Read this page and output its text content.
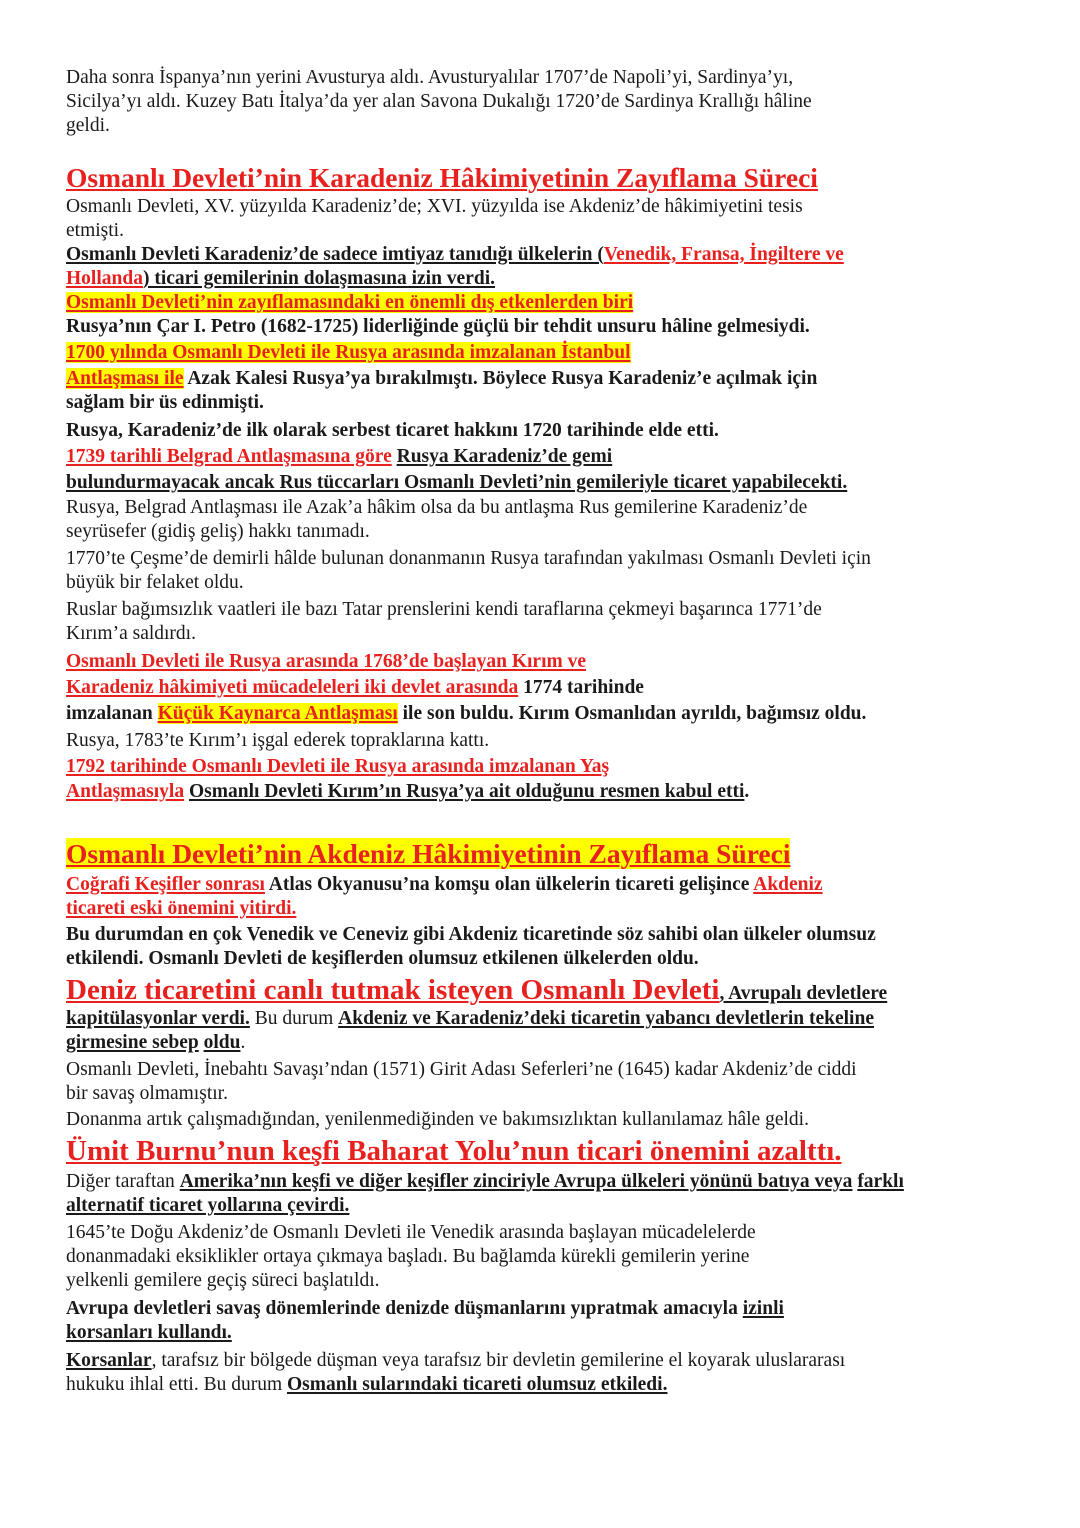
Daha sonra İspanya’nın yerini Avusturya aldı. Avusturyalılar 1707’de Napoli’yi, Sardinya’yı,
Sicilya’yı aldı. Kuzey Batı İtalya’da yer alan Savona Dukalığı 1720’de Sardinya Krallığı hâline
geldi.
Osmanlı Devleti’nin Karadeniz Hâkimiyetinin Zayıflama Süreci
Osmanlı Devleti, XV. yüzyılda Karadeniz’de; XVI. yüzyılda ise Akdeniz’de hâkimiyetini tesis
etmişti.
Osmanlı Devleti Karadeniz’de sadece imtiyaz tanıdığı ülkelerin (Venedik, Fransa, İngiltere ve
Hollanda) ticari gemilerinin dolaşmasına izin verdi.
Osmanlı Devleti’nin zayıflamasındaki en önemli dış etkenlerden biri
Rusya’nın Çar I. Petro (1682-1725) liderliğinde güçlü bir tehdit unsuru hâline gelmesiydi.
1700 yılında Osmanlı Devleti ile Rusya arasında imzalanan İstanbul
Antlaşması ile Azak Kalesi Rusya’ya bırakılmıştı. Böylece Rusya Karadeniz’e açılmak için
sağlam bir üs edinmişti.
Rusya, Karadeniz’de ilk olarak serbest ticaret hakkını 1720 tarihinde elde etti.
1739 tarihli Belgrad Antlaşmasına göre Rusya Karadeniz’de gemi
bulundurmayacak ancak Rus tüccarları Osmanlı Devleti’nin gemileriyle ticaret yapabilecekti.
Rusya, Belgrad Antlaşması ile Azak’a hâkim olsa da bu antlaşma Rus gemilerine Karadeniz’de
seyrüsefer (gidiş geliş) hakkı tanımadı.
1770’te Çeşme’de demirli hâlde bulunan donanmanın Rusya tarafından yakılması Osmanlı Devleti için
büyük bir felaket oldu.
Ruslar bağımsızlık vaatleri ile bazı Tatar prenslerini kendi taraflarına çekmeyi başarınca 1771’de
Kırım’a saldırdı.
Osmanlı Devleti ile Rusya arasında 1768’de başlayan Kırım ve
Karadeniz hâkimiyeti mücadeleleri iki devlet arasında 1774 tarihinde
imzalanan Küçük Kaynarca Antlaşması ile son buldu. Kırım Osmanlıdan ayrıldı, bağımsız oldu.
Rusya, 1783’te Kırım’ı işgal ederek topraklarına kattı.
1792 tarihinde Osmanlı Devleti ile Rusya arasında imzalanan Yaş
Antlaşmasıyla Osmanlı Devleti Kırım’ın Rusya’ya ait olduğunu resmen kabul etti.
Osmanlı Devleti’nin Akdeniz Hâkimiyetinin Zayıflama Süreci
Coğrafi Keşifler sonrası Atlas Okyanusu’na komşu olan ülkelerin ticareti gelişince Akdeniz
ticareti eski önemini yitirdi.
Bu durumdan en çok Venedik ve Ceneviz gibi Akdeniz ticaretinde söz sahibi olan ülkeler olumsuz
etkilendi. Osmanlı Devleti de keşiflerden olumsuz etkilenen ülkelerden oldu.
Deniz ticaretini canlı tutmak isteyen Osmanlı Devleti, Avrupalı devletlere
kapitülasyonlar verdi. Bu durum Akdeniz ve Karadeniz’deki ticaretin yabancı devletlerin tekeline
girmesine sebep oldu.
Osmanlı Devleti, İnebahtı Savaşı’ndan (1571) Girit Adası Seferleri’ne (1645) kadar Akdeniz’de ciddi
bir savaş olmamıştır.
Donanma artık çalışmadığından, yenilenmediğinden ve bakımsızlıktan kullanılamaz hâle geldi.
Ümit Burnu’nun keşfi Baharat Yolu’nun ticari önemini azalttı.
Diğer taraftan Amerika’nın keşfi ve diğer keşifler zinciriyle Avrupa ülkeleri yönünü batıya veya farklı
alternatif ticaret yollarına çevirdi.
1645’te Doğu Akdeniz’de Osmanlı Devleti ile Venedik arasında başlayan mücadelelerde
donanmadaki eksiklikler ortaya çıkmaya başladı. Bu bağlamda kürekli gemilerin yerine
yelkenli gemilere geçiş süreci başlatıldı.
Avrupa devletleri savaş dönemlerinde denizde düşmanlarını yıpratmak amacıyla izinli
korsanları kullandı.
Korsanlar, tarafsız bir bölgede düşman veya tarafsız bir devletin gemilerine el koyarak uluslararası
hukuku ihlal etti. Bu durum Osmanlı sularındaki ticareti olumsuz etkiledi.
